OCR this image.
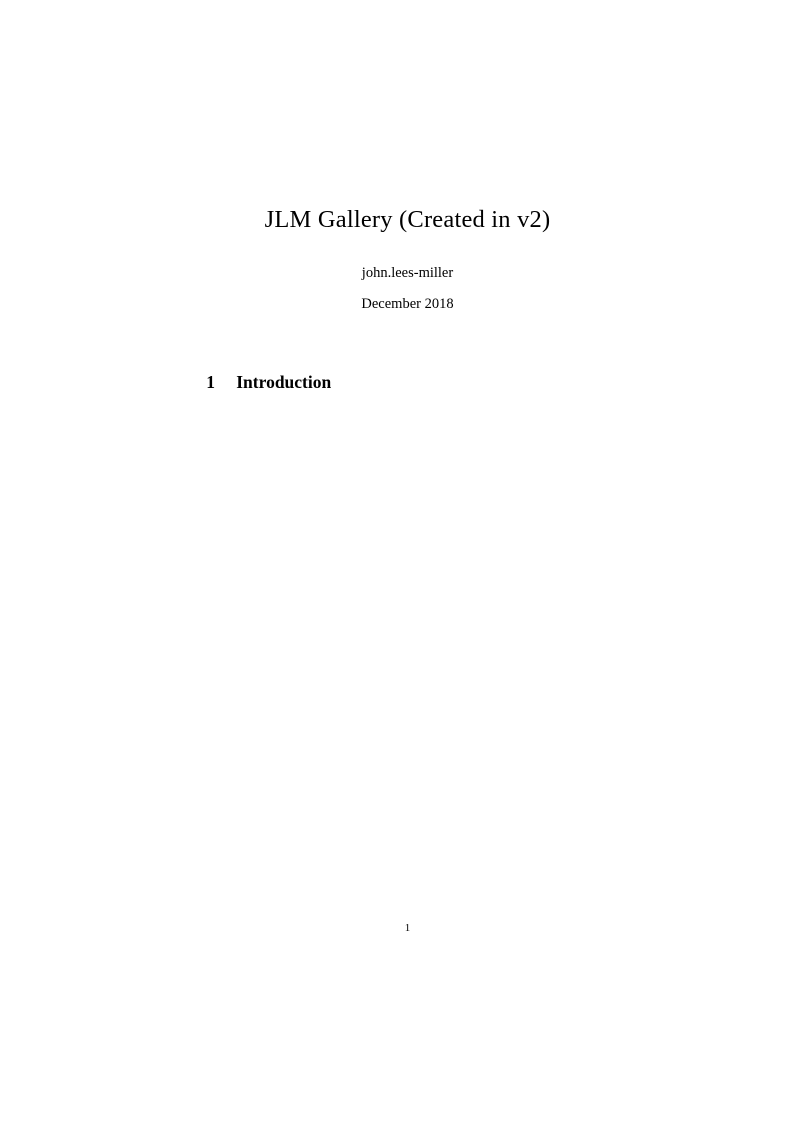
JLM Gallery (Created in v2)
john.lees-miller
December 2018

1 Introduction

1
